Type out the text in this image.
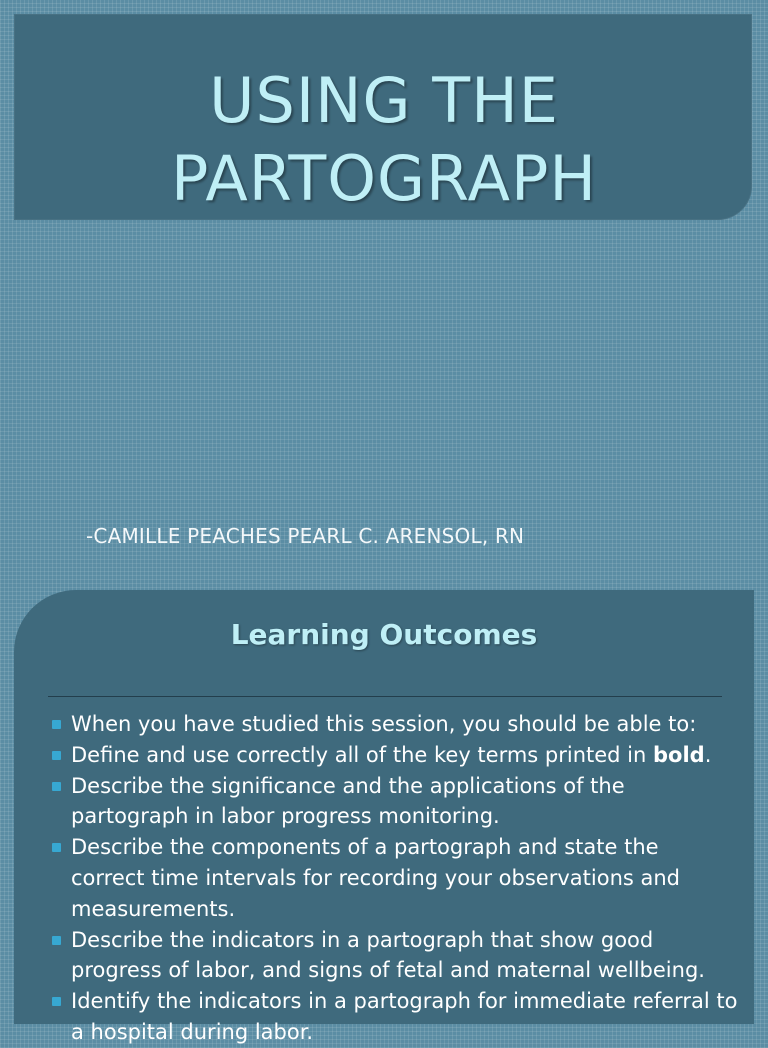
USING THE
PARTOGRAPH
-CAMILLE PEACHES PEARL C. ARENSOL, RN
Learning Outcomes
When you have studied this session, you should be able to:
Define and use correctly all of the key terms printed in bold.
Describe the significance and the applications of the partograph in labor progress monitoring.
Describe the components of a partograph and state the correct time intervals for recording your observations and measurements.
Describe the indicators in a partograph that show good progress of labor, and signs of fetal and maternal wellbeing.
Identify the indicators in a partograph for immediate referral to a hospital during labor.
